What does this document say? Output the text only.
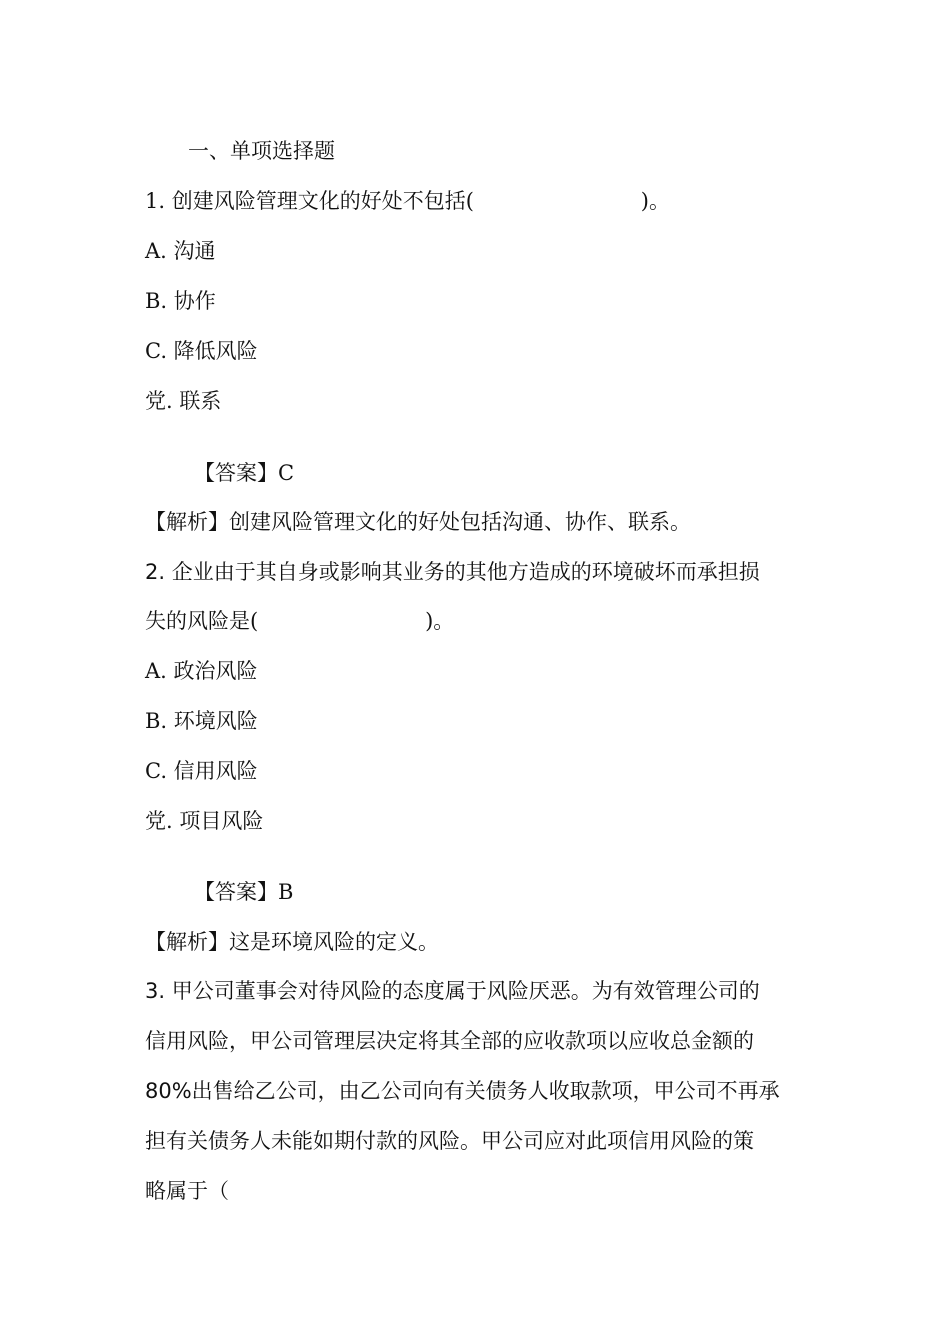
一、单项选择题
1. 创建风险管理文化的好处不包括(                         )。
A. 沟通
B. 协作
C. 降低风险
党. 联系
【答案】C
【解析】创建风险管理文化的好处包括沟通、协作、联系。
2. 企业由于其自身或影响其业务的其他方造成的环境破坏而承担损
失的风险是(                         )。
A. 政治风险
B. 环境风险
C. 信用风险
党. 项目风险
【答案】B
【解析】这是环境风险的定义。
3. 甲公司董事会对待风险的态度属于风险厌恶。为有效管理公司的
信用风险，甲公司管理层决定将其全部的应收款项以应收总金额的
80%出售给乙公司，由乙公司向有关债务人收取款项，甲公司不再承
担有关债务人未能如期付款的风险。甲公司应对此项信用风险的策
略属于（
